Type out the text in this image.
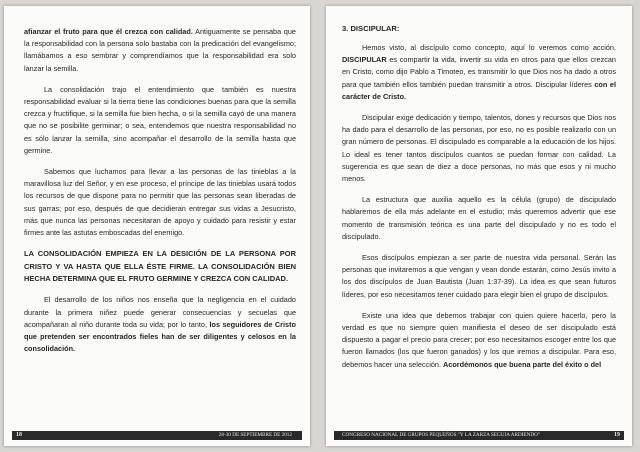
afianzar el fruto para que él crezca con calidad. Antiguamente se pensaba que la responsabilidad con la persona solo bastaba con la predicación del evangelismo; llamábamos a eso sembrar y comprendíamos que la responsabilidad era solo lanzar la semilla.

La consolidación trajo el entendimiento que también es nuestra responsabilidad evaluar si la tierra tiene las condiciones buenas para que la semilla crezca y fructifique, si la semilla fue bien hecha, o si la semilla cayó de una manera que no se posibilite germinar; o sea, entendemos que nuestra responsabilidad no es sólo lanzar la semilla, sino acompañar el desarrollo de la semilla hasta que germine.

Sabemos que luchamos para llevar a las personas de las tinieblas a la maravillosa luz del Señor, y en ese proceso, el príncipe de las tinieblas usará todos los recursos de que dispone para no permitir que las personas sean liberadas de sus garras; por eso, después de que decidieran entregar sus vidas a Jesucristo, más que nunca las personas necesitaran de apoyo y cuidado para resistir y estar firmes ante las astutas emboscadas del enemigo.

LA CONSOLIDACIÓN EMPIEZA EN LA DESICIÓN DE LA PERSONA POR CRISTO Y VA HASTA QUE ELLA ÉSTE FIRME. LA CONSOLIDACIÓN BIEN HECHA DETERMINA QUE EL FRUTO GERMINE Y CREZCA CON CALIDAD.

El desarrollo de los niños nos enseña que la negligencia en el cuidado durante la primera niñez puede generar consecuencias y secuelas que acompañaran al niño durante toda su vida; por lo tanto, los seguidores de Cristo que pretenden ser encontrados fieles han de ser diligentes y celosos en la consolidación.

18	28-30 DE SEPTIEMBRE DE 2012
3. DISCIPULAR:

Hemos visto, al discípulo como concepto, aquí lo veremos como acción. DISCIPULAR es compartir la vida, invertir su vida en otros para que ellos crezcan en Cristo, como dijo Pablo a Timoteo, es transmitir lo que Dios nos ha dado a otros para que también ellos también puedan transmitir a otros. Discipular líderes con el carácter de Cristo.

Discipular exige dedicación y tiempo, talentos, dones y recursos que Dios nos ha dado para el desarrollo de las personas, por eso, no es posible realizarlo con un gran número de personas. El discipulado es comparable a la educación de los hijos. Lo ideal es tener tantos discípulos cuantos se puedan formar con calidad. La sugerencia es que sean de diez a doce personas, no más que esos y ni mucho menos.

La estructura que auxilia aquello es la célula (grupo) de discipulado hablaremos de ella más adelante en el estudio; más queremos advertir que ese momento de transmisión teórica es una parte del discipulado y no es todo el discipulado.

Esos discípulos empiezan a ser parte de nuestra vida personal. Serán las personas que invitaremos a que vengan y vean donde estarán, como Jesús invito a los dos discípulos de Juan Bautista (Juan 1:37-39). La idea es que sean futuros líderes, por eso necesitamos tener cuidado para elegir bien el grupo de discípulos.

Existe una idea que debemos trabajar con quien quiere hacerlo, pero la verdad es que no siempre quien manifiesta el deseo de ser discipulado está dispuesto a pagar el precio para crecer; por eso necesitamos escoger entre los que fueron llamados (los que fueron ganados) y los que iremos a discipular. Para eso, debemos hacer una selección. Acordémonos que buena parte del éxito o del

CONGRESO NACIONAL DE GRUPOS PEQUEÑOS "Y LA ZARZA SEGUIA ARDIENDO"	19
